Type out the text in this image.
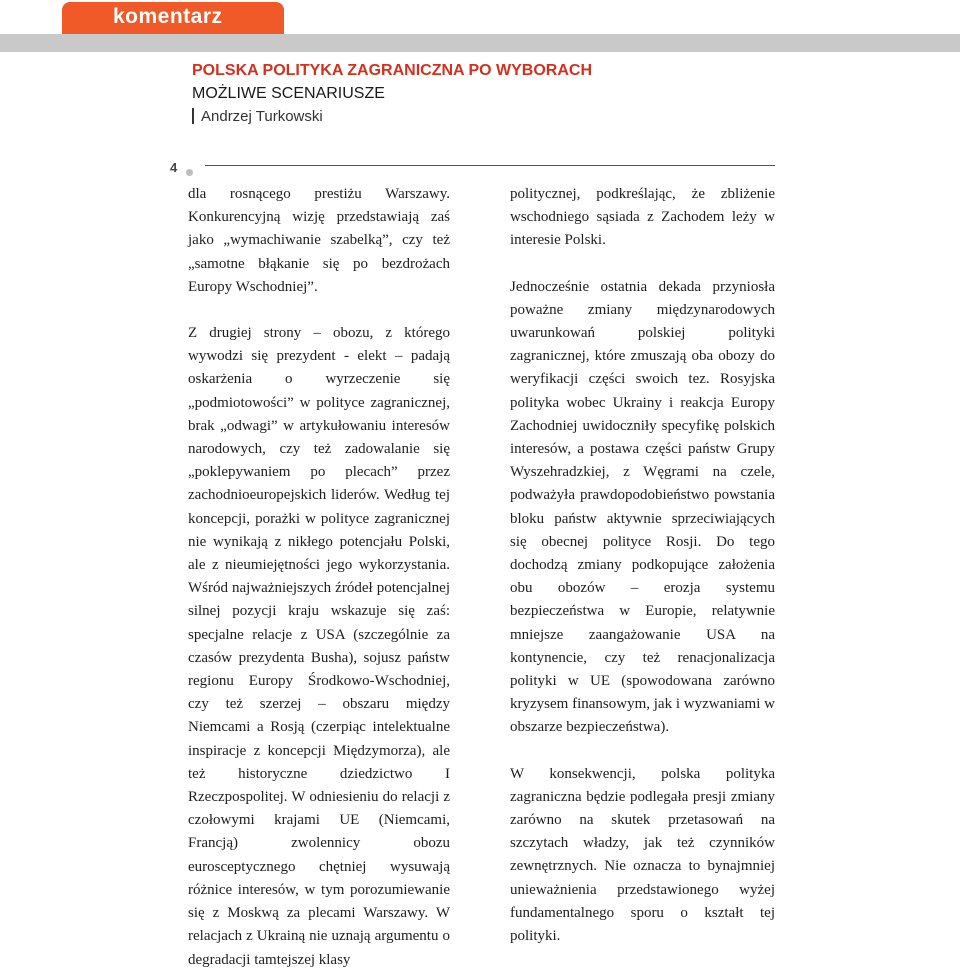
komentarz
POLSKA POLITYKA ZAGRANICZNA PO WYBORACH
MOŻLIWE SCENARIUSZE
Andrzej Turkowski
4

dla rosnącego prestiżu Warszawy. Konkurencyjną wizję przedstawiają zaś jako „wymachiwanie szabelką”, czy też „samotne błąkanie się po bezdrożach Europy Wschodniej”.

Z drugiej strony – obozu, z którego wywodzi się prezydent - elekt – padają oskarżenia o wyrzeczenie się „podmiotowości” w polityce zagranicznej, brak „odwagi” w artykułowaniu interesów narodowych, czy też zadowalanie się „poklepywaniem po plecach” przez zachodnioeuropejskich liderów. Według tej koncepcji, porażki w polityce zagranicznej nie wynikają z nikłego potencjału Polski, ale z nieumiejętności jego wykorzystania. Wśród najważniejszych źródeł potencjalnej silnej pozycji kraju wskazuje się zaś: specjalne relacje z USA (szczególnie za czasów prezydenta Busha), sojusz państw regionu Europy Środkowo-Wschodniej, czy też szerzej – obszaru między Niemcami a Rosją (czerpiąc intelektualne inspiracje z koncepcji Międzymorza), ale też historyczne dziedzictwo I Rzeczpospolitej. W odniesieniu do relacji z czołowymi krajami UE (Niemcami, Francją) zwolennicy obozu eurosceptycznego chętniej wysuwają różnice interesów, w tym porozumiewanie się z Moskwą za plecami Warszawy. W relacjach z Ukrainą nie uznają argumentu o degradacji tamtejszej klasy

politycznej, podkreślając, że zbliżenie wschodniego sąsiada z Zachodem leży w interesie Polski.

Jednocześnie ostatnia dekada przyniosła poważne zmiany międzynarodowych uwarunkowań polskiej polityki zagranicznej, które zmuszają oba obozy do weryfikacji części swoich tez. Rosyjska polityka wobec Ukrainy i reakcja Europy Zachodniej uwidoczniły specyfikę polskich interesów, a postawa części państw Grupy Wyszehradzkiej, z Węgrami na czele, podważyła prawdopodobieństwo powstania bloku państw aktywnie sprzeciwiających się obecnej polityce Rosji. Do tego dochodzą zmiany podkopujące założenia obu obozów – erozja systemu bezpieczeństwa w Europie, relatywnie mniejsze zaangażowanie USA na kontynencie, czy też renacjonalizacja polityki w UE (spowodowana zarówno kryzysem finansowym, jak i wyzwaniami w obszarze bezpieczeństwa).

W konsekwencji, polska polityka zagraniczna będzie podlegała presji zmiany zarówno na skutek przetasowań na szczytach władzy, jak też czynników zewnętrznych. Nie oznacza to bynajmniej unieważnienia przedstawionego wyżej fundamentalnego sporu o kształt tej polityki.
